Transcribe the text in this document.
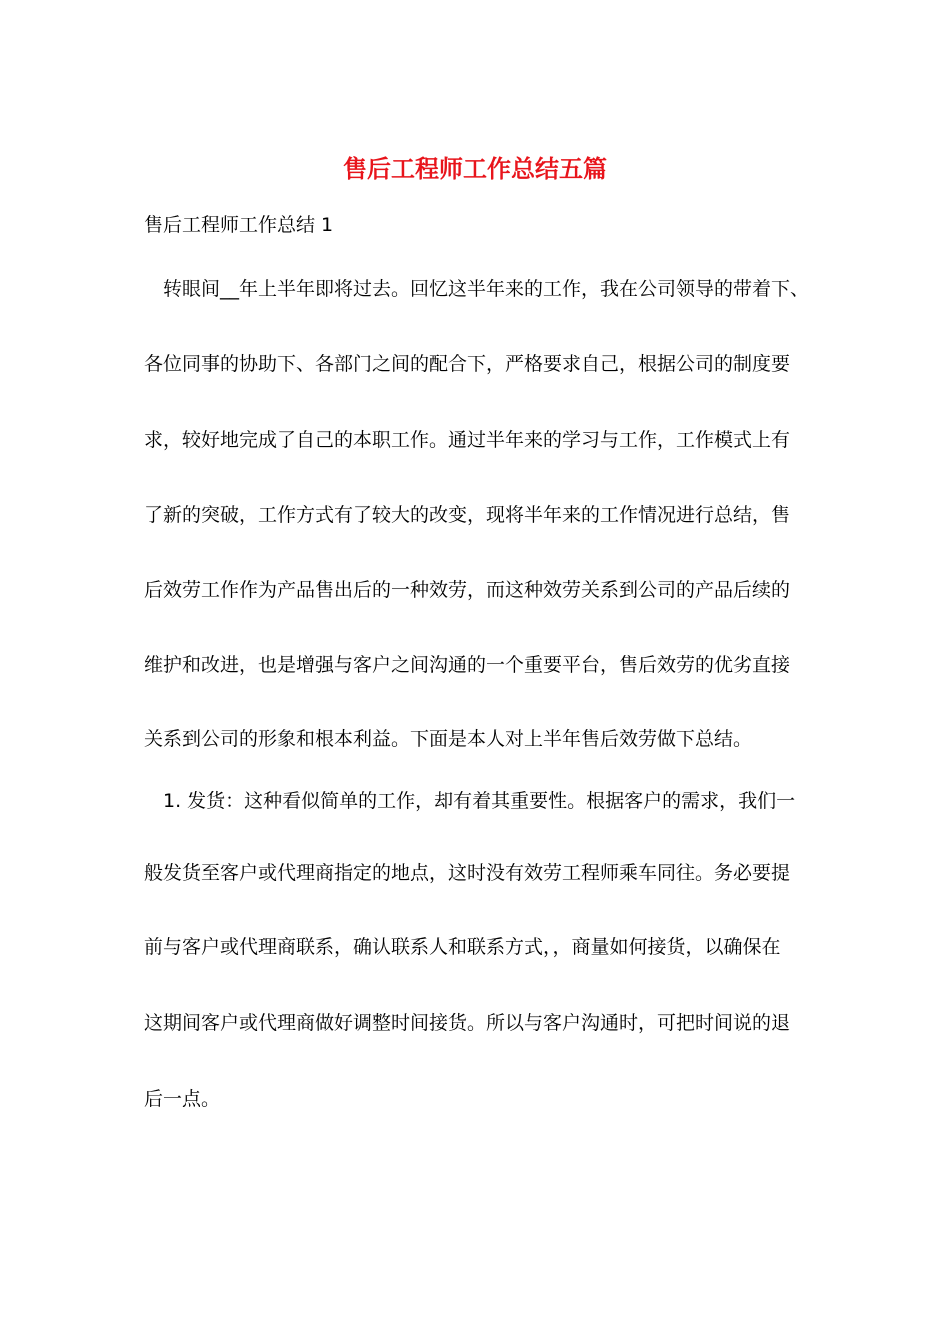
售后工程师工作总结五篇
售后工程师工作总结 1
　转眼间__年上半年即将过去。回忆这半年来的工作，我在公司领导的带着下、
各位同事的协助下、各部门之间的配合下，严格要求自己，根据公司的制度要
求，较好地完成了自己的本职工作。通过半年来的学习与工作，工作模式上有
了新的突破，工作方式有了较大的改变，现将半年来的工作情况进行总结，售
后效劳工作作为产品售出后的一种效劳，而这种效劳关系到公司的产品后续的
维护和改进，也是增强与客户之间沟通的一个重要平台，售后效劳的优劣直接
关系到公司的形象和根本利益。下面是本人对上半年售后效劳做下总结。
　1. 发货：这种看似简单的工作，却有着其重要性。根据客户的需求，我们一
般发货至客户或代理商指定的地点，这时没有效劳工程师乘车同往。务必要提
前与客户或代理商联系，确认联系人和联系方式，，商量如何接货，以确保在
这期间客户或代理商做好调整时间接货。所以与客户沟通时，可把时间说的退
后一点。
